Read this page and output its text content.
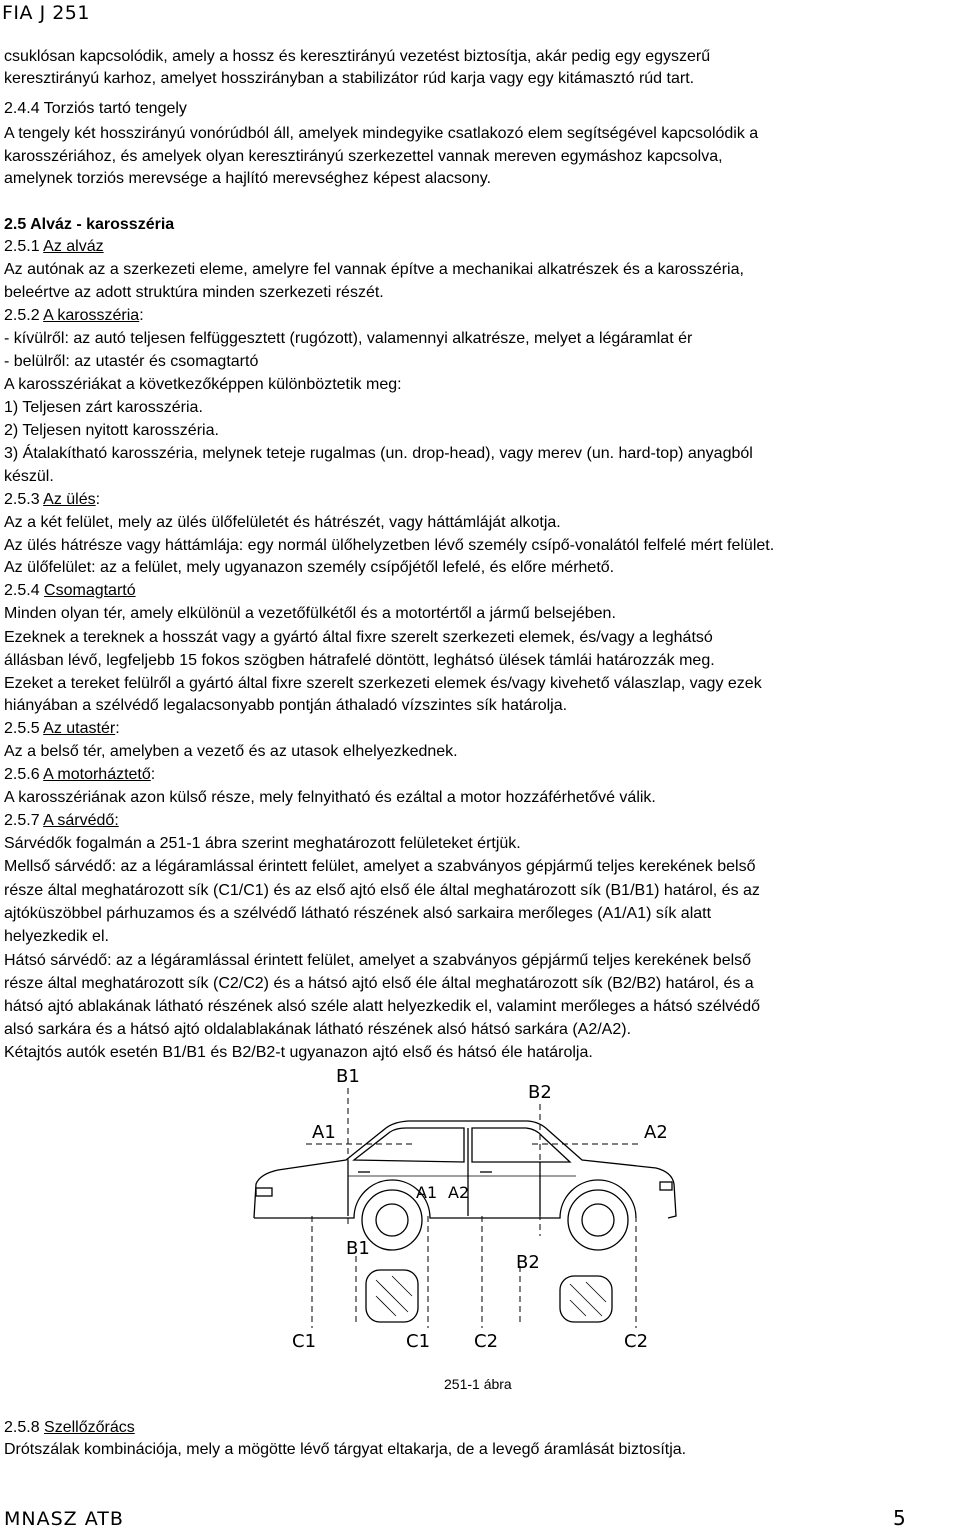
FIA J 251
csuklósan kapcsolódik, amely a hossz és keresztirányú vezetést biztosítja, akár pedig egy egyszerű
keresztirányú karhoz, amelyet hosszirányban a stabilizátor rúd karja vagy egy kitámasztó rúd tart.
2.4.4 Torziós tartó tengely
A tengely két hosszirányú vonórúdból áll, amelyek mindegyike csatlakozó elem segítségével kapcsolódik a
karosszériához, és amelyek olyan keresztirányú szerkezettel vannak mereven egymáshoz kapcsolva,
amelynek torziós merevsége a hajlító merevséghez képest alacsony.
2.5 Alváz - karosszéria
2.5.1 Az alváz
Az autónak az a szerkezeti eleme, amelyre fel vannak építve a mechanikai alkatrészek és a karosszéria,
beleértve az adott struktúra minden szerkezeti részét.
2.5.2 A karosszéria:
- kívülről: az autó teljesen felfüggesztett (rugózott), valamennyi alkatrésze, melyet a légáramlat ér
- belülről: az utastér és csomagtartó
A karosszériákat a következőképpen különböztetik meg:
1) Teljesen zárt karosszéria.
2) Teljesen nyitott karosszéria.
3) Átalakítható karosszéria, melynek teteje rugalmas (un. drop-head), vagy merev (un. hard-top) anyagból
készül.
2.5.3 Az ülés:
Az a két felület, mely az ülés ülőfelületét és hátrészét, vagy háttámláját alkotja.
Az ülés hátrésze vagy háttámlája: egy normál ülőhelyzetben lévő személy csípő-vonalától felfelé mért felület.
Az ülőfelület: az a felület, mely ugyanazon személy csípőjétől lefelé, és előre mérhető.
2.5.4 Csomagtartó
Minden olyan tér, amely elkülönül a vezetőfülkétől és a motortértől a jármű belsejében.
Ezeknek a tereknek a hosszát vagy a gyártó által fixre szerelt szerkezeti elemek, és/vagy a leghátsó
állásban lévő, legfeljebb 15 fokos szögben hátrafelé döntött, leghátsó ülések támlái határozzák meg.
Ezeket a tereket felülről a gyártó által fixre szerelt szerkezeti elemek és/vagy kivehető válaszlap, vagy ezek
hiányában a szélvédő legalacsonyabb pontján áthaladó vízszintes sík határolja.
2.5.5 Az utastér:
Az a belső tér, amelyben a vezető és az utasok elhelyezkednek.
2.5.6 A motorháztető:
A karosszériának azon külső része, mely felnyitható és ezáltal a motor hozzáférhetővé válik.
2.5.7 A sárvédő:
Sárvédők fogalmán a 251-1 ábra szerint meghatározott felületeket értjük.
Mellső sárvédő: az a légáramlással érintett felület, amelyet a szabványos gépjármű teljes kerekének belső
része által meghatározott sík (C1/C1) és az első ajtó első éle által meghatározott sík (B1/B1) határol, és az
ajtóküszöbbel párhuzamos és a szélvédő látható részének alsó sarkaira merőleges (A1/A1) sík alatt
helyezkedik el.
Hátsó sárvédő: az a légáramlással érintett felület, amelyet a szabványos gépjármű teljes kerekének belső
része által meghatározott sík (C2/C2) és a hátsó ajtó első éle által meghatározott sík (B2/B2) határol, és a
hátsó ajtó ablakának látható részének alsó széle alatt helyezkedik el, valamint merőleges a hátsó szélvédő
alsó sarkára és a hátsó ajtó oldalablakának látható részének alsó hátsó sarkára (A2/A2).
Kétajtós autók esetén B1/B1 és B2/B2-t ugyanazon ajtó első és hátsó éle határolja.
B1
B2
A1	A2
A1 A2
B1
B2
C1	C1 C2	C2
251-1 ábra
2.5.8 Szellőzőrács
Drótszálak kombinációja, mely a mögötte lévő tárgyat eltakarja, de a levegő áramlását biztosítja.
MNASZ ATB	5
